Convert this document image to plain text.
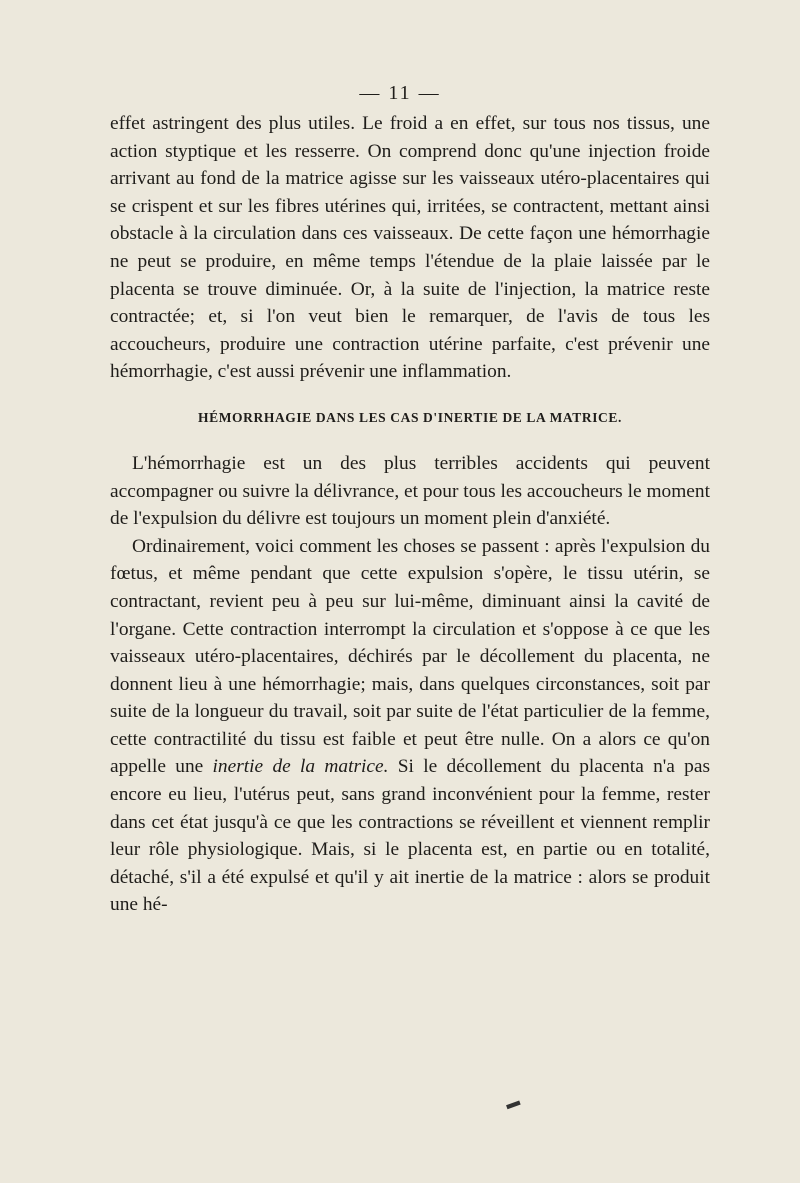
— 11 —

effet astringent des plus utiles. Le froid a en effet, sur tous nos tissus, une action styptique et les resserre. On comprend donc qu'une injection froide arrivant au fond de la matrice agisse sur les vaisseaux utéro-placentaires qui se crispent et sur les fibres utérines qui, irritées, se contractent, mettant ainsi obstacle à la circulation dans ces vaisseaux. De cette façon une hémorrhagie ne peut se produire, en même temps l'étendue de la plaie laissée par le placenta se trouve diminuée. Or, à la suite de l'injection, la matrice reste contractée; et, si l'on veut bien le remarquer, de l'avis de tous les accoucheurs, produire une contraction utérine parfaite, c'est prévenir une hémorrhagie, c'est aussi prévenir une inflammation.

HÉMORRHAGIE DANS LES CAS D'INERTIE DE LA MATRICE.

L'hémorrhagie est un des plus terribles accidents qui peuvent accompagner ou suivre la délivrance, et pour tous les accoucheurs le moment de l'expulsion du délivre est toujours un moment plein d'anxiété.

Ordinairement, voici comment les choses se passent : après l'expulsion du fœtus, et même pendant que cette expulsion s'opère, le tissu utérin, se contractant, revient peu à peu sur lui-même, diminuant ainsi la cavité de l'organe. Cette contraction interrompt la circulation et s'oppose à ce que les vaisseaux utéro-placentaires, déchirés par le décollement du placenta, ne donnent lieu à une hémorrhagie; mais, dans quelques circonstances, soit par suite de la longueur du travail, soit par suite de l'état particulier de la femme, cette contractilité du tissu est faible et peut être nulle. On a alors ce qu'on appelle une inertie de la matrice. Si le décollement du placenta n'a pas encore eu lieu, l'utérus peut, sans grand inconvénient pour la femme, rester dans cet état jusqu'à ce que les contractions se réveillent et viennent remplir leur rôle physiologique. Mais, si le placenta est, en partie ou en totalité, détaché, s'il a été expulsé et qu'il y ait inertie de la matrice : alors se produit une hé-

▬
